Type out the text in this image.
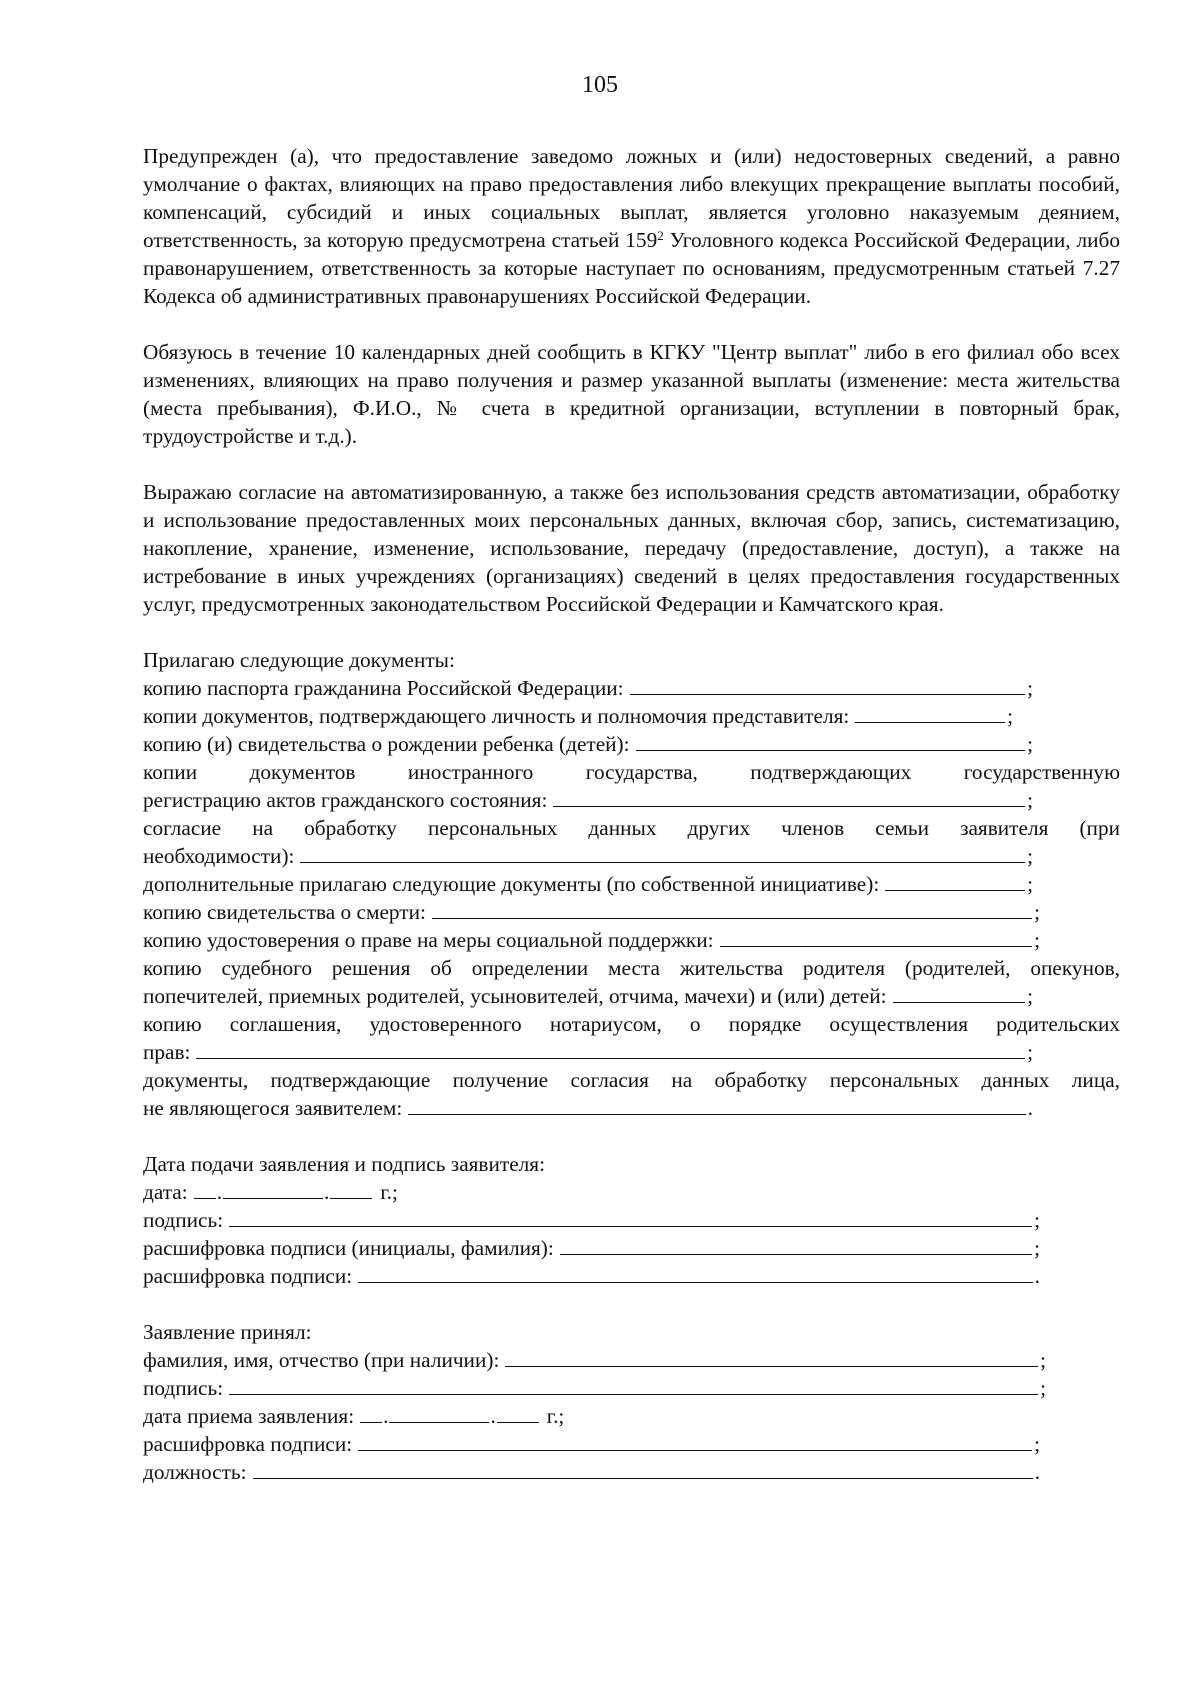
105

Предупрежден (а), что предоставление заведомо ложных и (или) недостоверных сведений, а равно умолчание о фактах, влияющих на право предоставления либо влекущих прекращение выплаты пособий, компенсаций, субсидий и иных социальных выплат, является уголовно наказуемым деянием, ответственность, за которую предусмотрена статьей $159^2$ Уголовного кодекса Российской Федерации, либо правонарушением, ответственность за которые наступает по основаниям, предусмотренным статьей 7.27 Кодекса об административных правонарушениях Российской Федерации.

Обязуюсь в течение 10 календарных дней сообщить в КГКУ "Центр выплат" либо в его филиал обо всех изменениях, влияющих на право получения и размер указанной выплаты (изменение: места жительства (места пребывания), Ф.И.О., № счета в кредитной организации, вступлении в повторный брак, трудоустройстве и т.д.).

Выражаю согласие на автоматизированную, а также без использования средств автоматизации, обработку и использование предоставленных моих персональных данных, включая сбор, запись, систематизацию, накопление, хранение, изменение, использование, передачу (предоставление, доступ), а также на истребование в иных учреждениях (организациях) сведений в целях предоставления государственных услуг, предусмотренных законодательством Российской Федерации и Камчатского края.

Прилагаю следующие документы:
копию паспорта гражданина Российской Федерации:	;
копии документов, подтверждающего личность и полномочия представителя:	;
копию (и) свидетельства о рождении ребенка (детей):	;
копии документов иностранного государства, подтверждающих государственную
регистрацию актов гражданского состояния:	;
согласие на обработку персональных данных других членов семьи заявителя (при
необходимости):	;
дополнительные прилагаю следующие документы (по собственной инициативе):	;
копию свидетельства о смерти:	;
копию удостоверения о праве на меры социальной поддержки:	;
копию судебного решения об определении места жительства родителя (родителей, опекунов,
попечителей, приемных родителей, усыновителей, отчима, мачехи) и (или) детей:	;
копию соглашения, удостоверенного нотариусом, о порядке осуществления родительских
прав:	;
документы, подтверждающие получение согласия на обработку персональных данных лица,
не являющегося заявителем:	.
Дата подачи заявления и подпись заявителя:
дата: .	. г.;
подпись:	;
расшифровка подписи (инициалы, фамилия):	;
расшифровка подписи:	.
Заявление принял:
фамилия, имя, отчество (при наличии):	;
подпись:	;
дата приема заявления: .	. г.;
расшифровка подписи:	;
должность:	.
